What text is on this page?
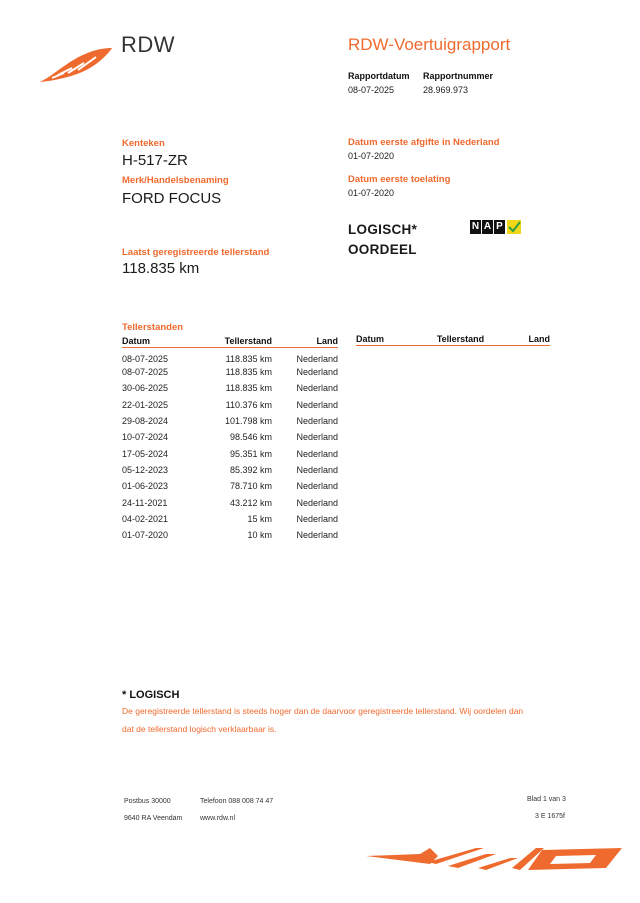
RDW	RDW-Voertuigrapport
Rapportdatum
08-07-2025
Rapportnummer
28.969.973
Kenteken
H-517-ZR
Merk/Handelsbenaming
FORD FOCUS
Laatst geregistreerde tellerstand
118.835 km
Datum eerste afgifte in Nederland
01-07-2020
Datum eerste toelating
01-07-2020
LOGISCH*
OORDEEL
N A P
Tellerstanden
Datum	Tellerstand	Land
08-07-2025	118.835 km	Nederland
08-07-2025	118.835 km	Nederland
30-06-2025	118.835 km	Nederland
22-01-2025	110.376 km	Nederland
29-08-2024	101.798 km	Nederland
10-07-2024	98.546 km	Nederland
17-05-2024	95.351 km	Nederland
05-12-2023	85.392 km	Nederland
01-06-2023	78.710 km	Nederland
24-11-2021	43.212 km	Nederland
04-02-2021	15 km	Nederland
01-07-2020	10 km	Nederland
Datum	Tellerstand	Land
* LOGISCH
De geregistreerde tellerstand is steeds hoger dan de daarvoor geregistreerde tellerstand. Wij oordelen dan
dat de tellerstand logisch verklaarbaar is.
Postbus 30000
9640 RA Veendam
Telefoon 088 008 74 47
www.rdw.nl
Blad 1 van 3
3 E 1675f
